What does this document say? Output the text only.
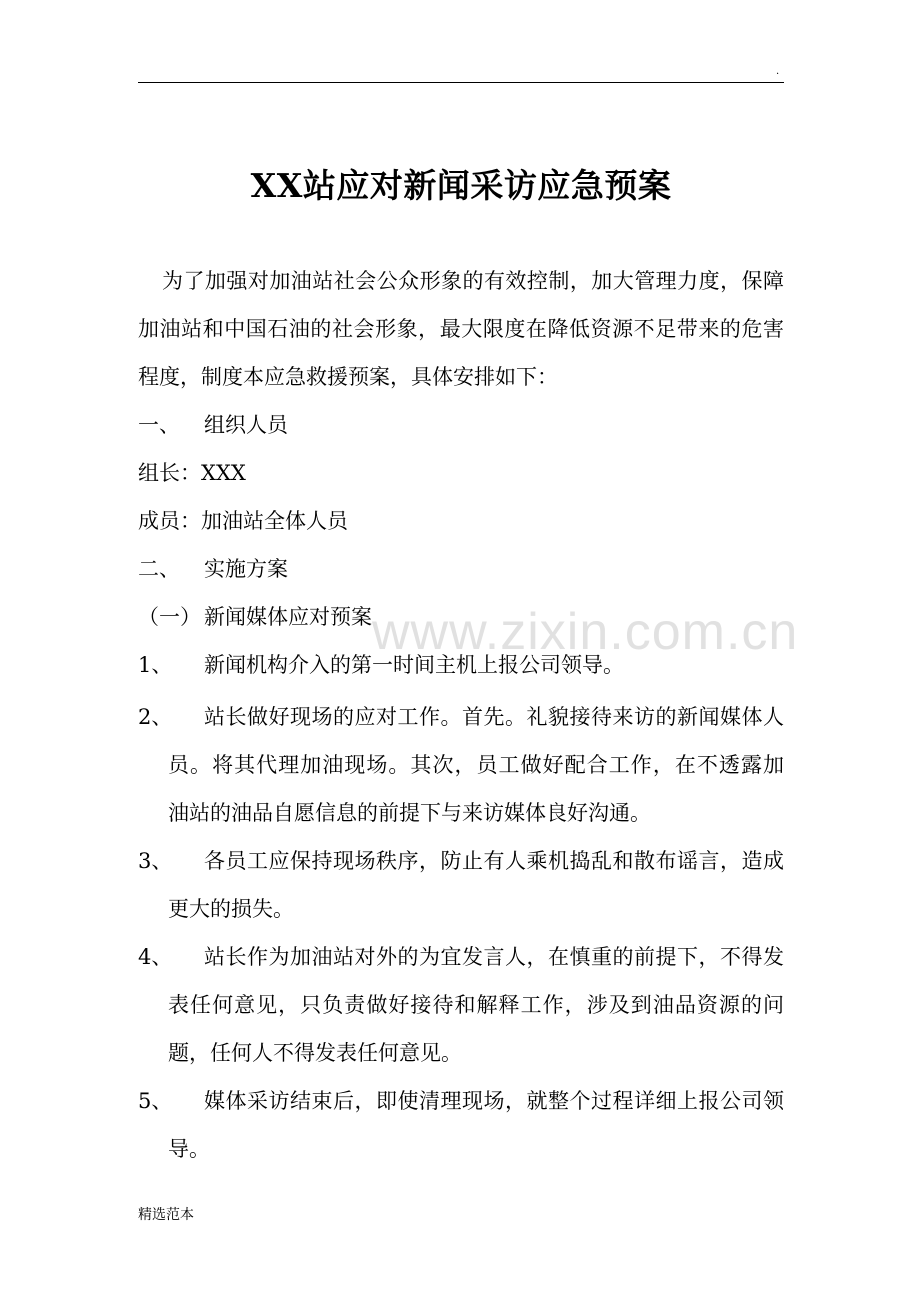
.
XX站应对新闻采访应急预案
为了加强对加油站社会公众形象的有效控制，加大管理力度，保障
加油站和中国石油的社会形象，最大限度在降低资源不足带来的危害
程度，制度本应急救援预案，具体安排如下：
一、 组织人员
组长：XXX
成员：加油站全体人员
二、 实施方案
（一） 新闻媒体应对预案
1、 新闻机构介入的第一时间主机上报公司领导。
2、 站长做好现场的应对工作。首先。礼貌接待来访的新闻媒体人
员。将其代理加油现场。其次，员工做好配合工作，在不透露加
油站的油品自愿信息的前提下与来访媒体良好沟通。
3、 各员工应保持现场秩序，防止有人乘机捣乱和散布谣言，造成
更大的损失。
4、 站长作为加油站对外的为宜发言人，在慎重的前提下，不得发
表任何意见，只负责做好接待和解释工作，涉及到油品资源的问
题，任何人不得发表任何意见。
5、 媒体采访结束后，即使清理现场，就整个过程详细上报公司领
导。
www.zixin.com.cn
精选范本
